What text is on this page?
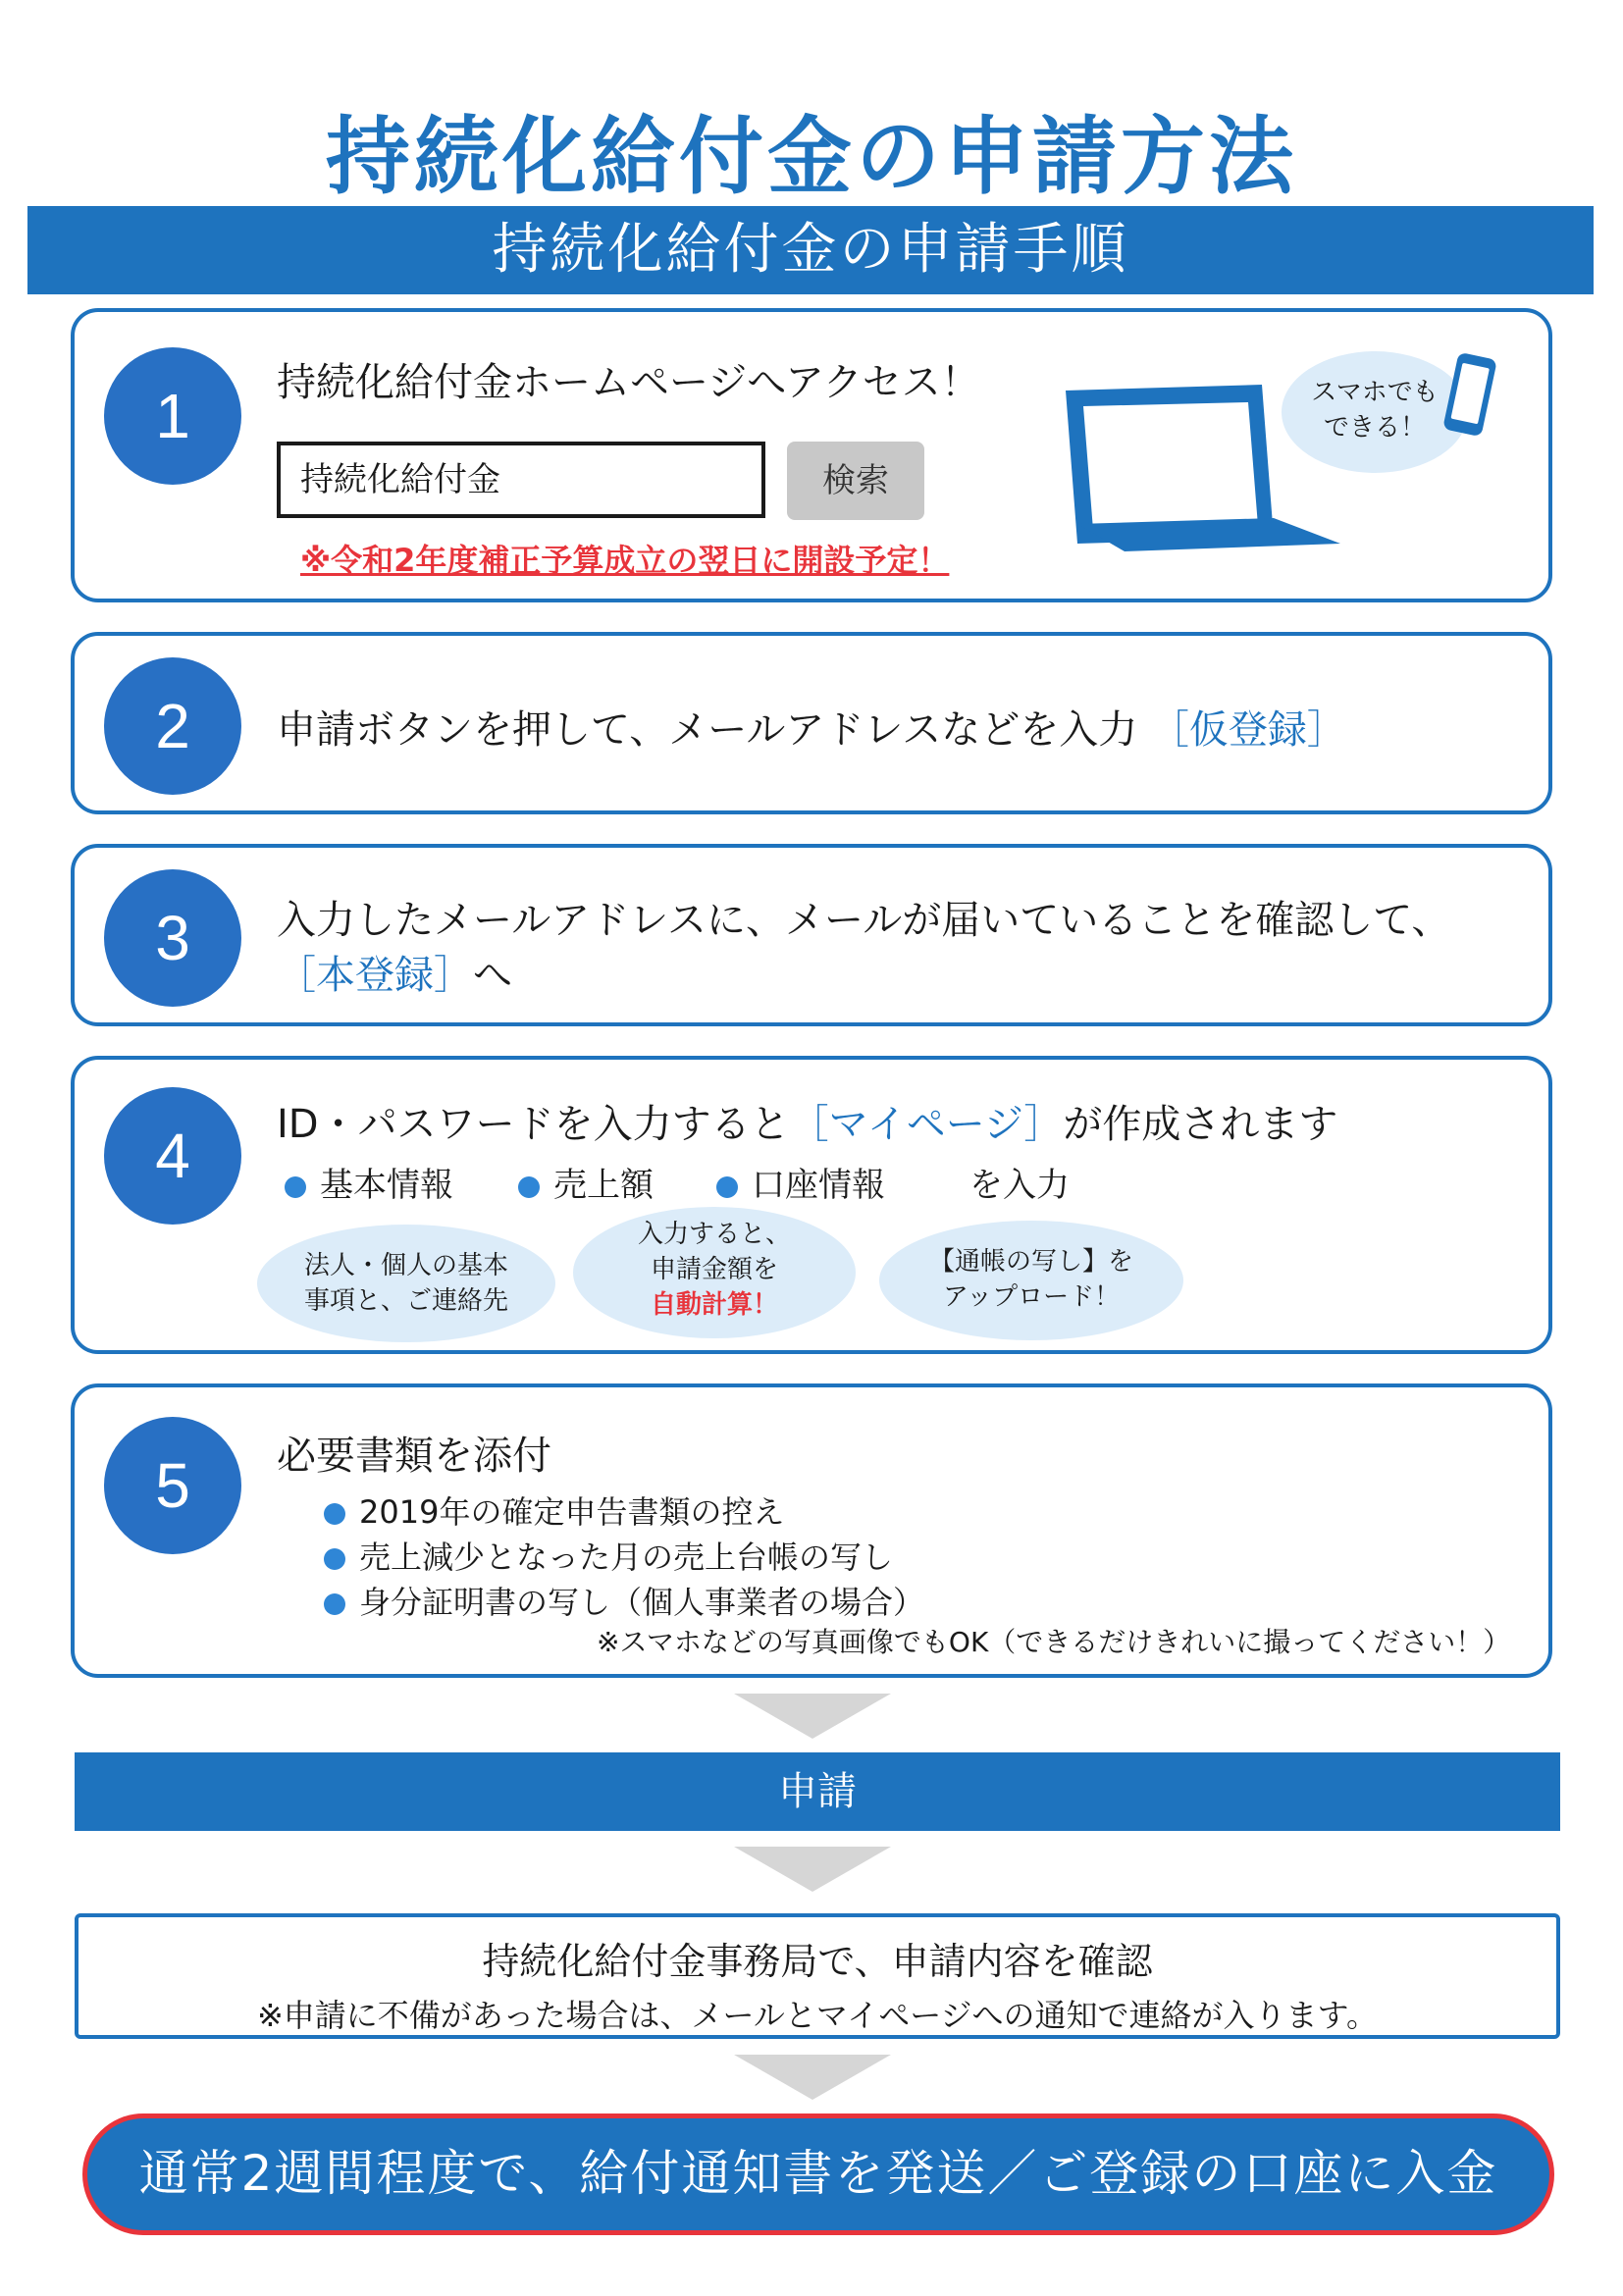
持続化給付金の申請方法
持続化給付金の申請手順
1	持続化給付金ホームページへアクセス！
持続化給付金	検索
※令和2年度補正予算成立の翌日に開設予定！
スマホでも
できる！
2	申請ボタンを押して、メールアドレスなどを入力 ［仮登録］
3	入力したメールアドレスに、メールが届いていることを確認して、
［本登録］へ
4	ID・パスワードを入力すると［マイページ］が作成されます
基本情報	売上額	口座情報	を入力
法人・個人の基本
事項と、ご連絡先
入力すると、
申請金額を
自動計算！
【通帳の写し】を
アップロード！
5	必要書類を添付
2019年の確定申告書類の控え
売上減少となった月の売上台帳の写し
身分証明書の写し（個人事業者の場合）
※スマホなどの写真画像でもOK（できるだけきれいに撮ってください！）
申請
持続化給付金事務局で、申請内容を確認
※申請に不備があった場合は、メールとマイページへの通知で連絡が入ります。
通常2週間程度で、給付通知書を発送／ご登録の口座に入金
